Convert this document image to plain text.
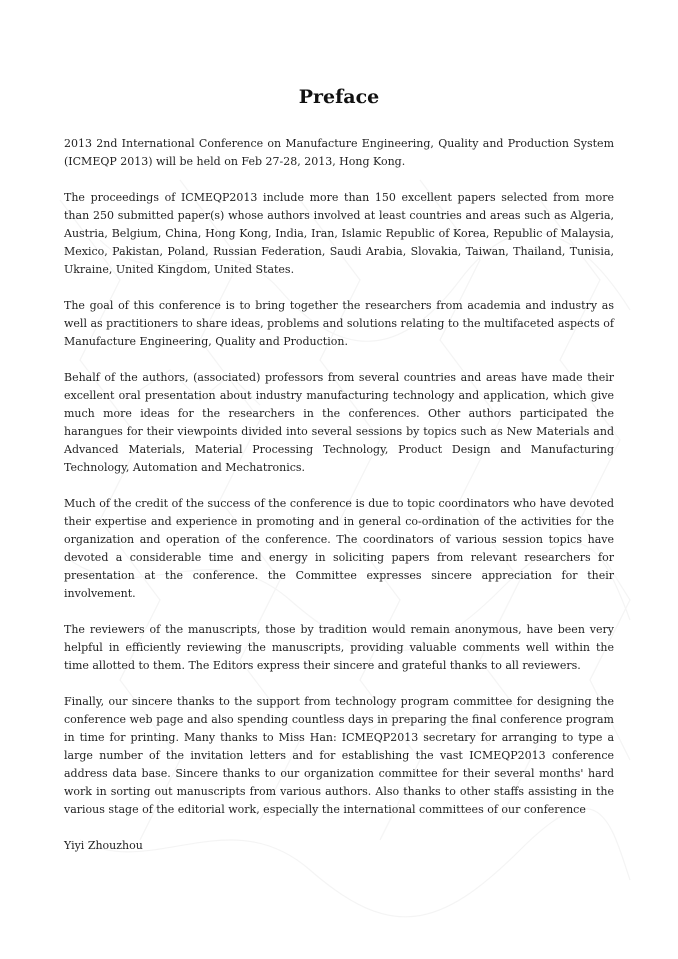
Preface

2013 2nd International Conference on Manufacture Engineering, Quality and Production System (ICMEQP 2013) will be held on Feb 27-28, 2013, Hong Kong.

The proceedings of ICMEQP2013 include more than 150 excellent papers selected from more than 250 submitted paper(s) whose authors involved at least countries and areas such as Algeria, Austria, Belgium, China, Hong Kong, India, Iran, Islamic Republic of Korea, Republic of Malaysia, Mexico, Pakistan, Poland, Russian Federation, Saudi Arabia, Slovakia, Taiwan, Thailand, Tunisia, Ukraine, United Kingdom, United States.

The goal of this conference is to bring together the researchers from academia and industry as well as practitioners to share ideas, problems and solutions relating to the multifaceted aspects of Manufacture Engineering, Quality and Production.

Behalf of the authors, (associated) professors from several countries and areas have made their excellent oral presentation about industry manufacturing technology and application, which give much more ideas for the researchers in the conferences. Other authors participated the harangues for their viewpoints divided into several sessions by topics such as New Materials and Advanced Materials, Material Processing Technology, Product Design and Manufacturing Technology, Automation and Mechatronics.

Much of the credit of the success of the conference is due to topic coordinators who have devoted their expertise and experience in promoting and in general co-ordination of the activities for the organization and operation of the conference. The coordinators of various session topics have devoted a considerable time and energy in soliciting papers from relevant researchers for presentation at the conference. the Committee expresses sincere appreciation for their involvement.

The reviewers of the manuscripts, those by tradition would remain anonymous, have been very helpful in efficiently reviewing the manuscripts, providing valuable comments well within the time allotted to them. The Editors express their sincere and grateful thanks to all reviewers.

Finally, our sincere thanks to the support from technology program committee for designing the conference web page and also spending countless days in preparing the final conference program in time for printing. Many thanks to Miss Han: ICMEQP2013 secretary for arranging to type a large number of the invitation letters and for establishing the vast ICMEQP2013 conference address data base. Sincere thanks to our organization committee for their several months' hard work in sorting out manuscripts from various authors. Also thanks to other staffs assisting in the various stage of the editorial work, especially the international committees of our conference

Yiyi Zhouzhou
